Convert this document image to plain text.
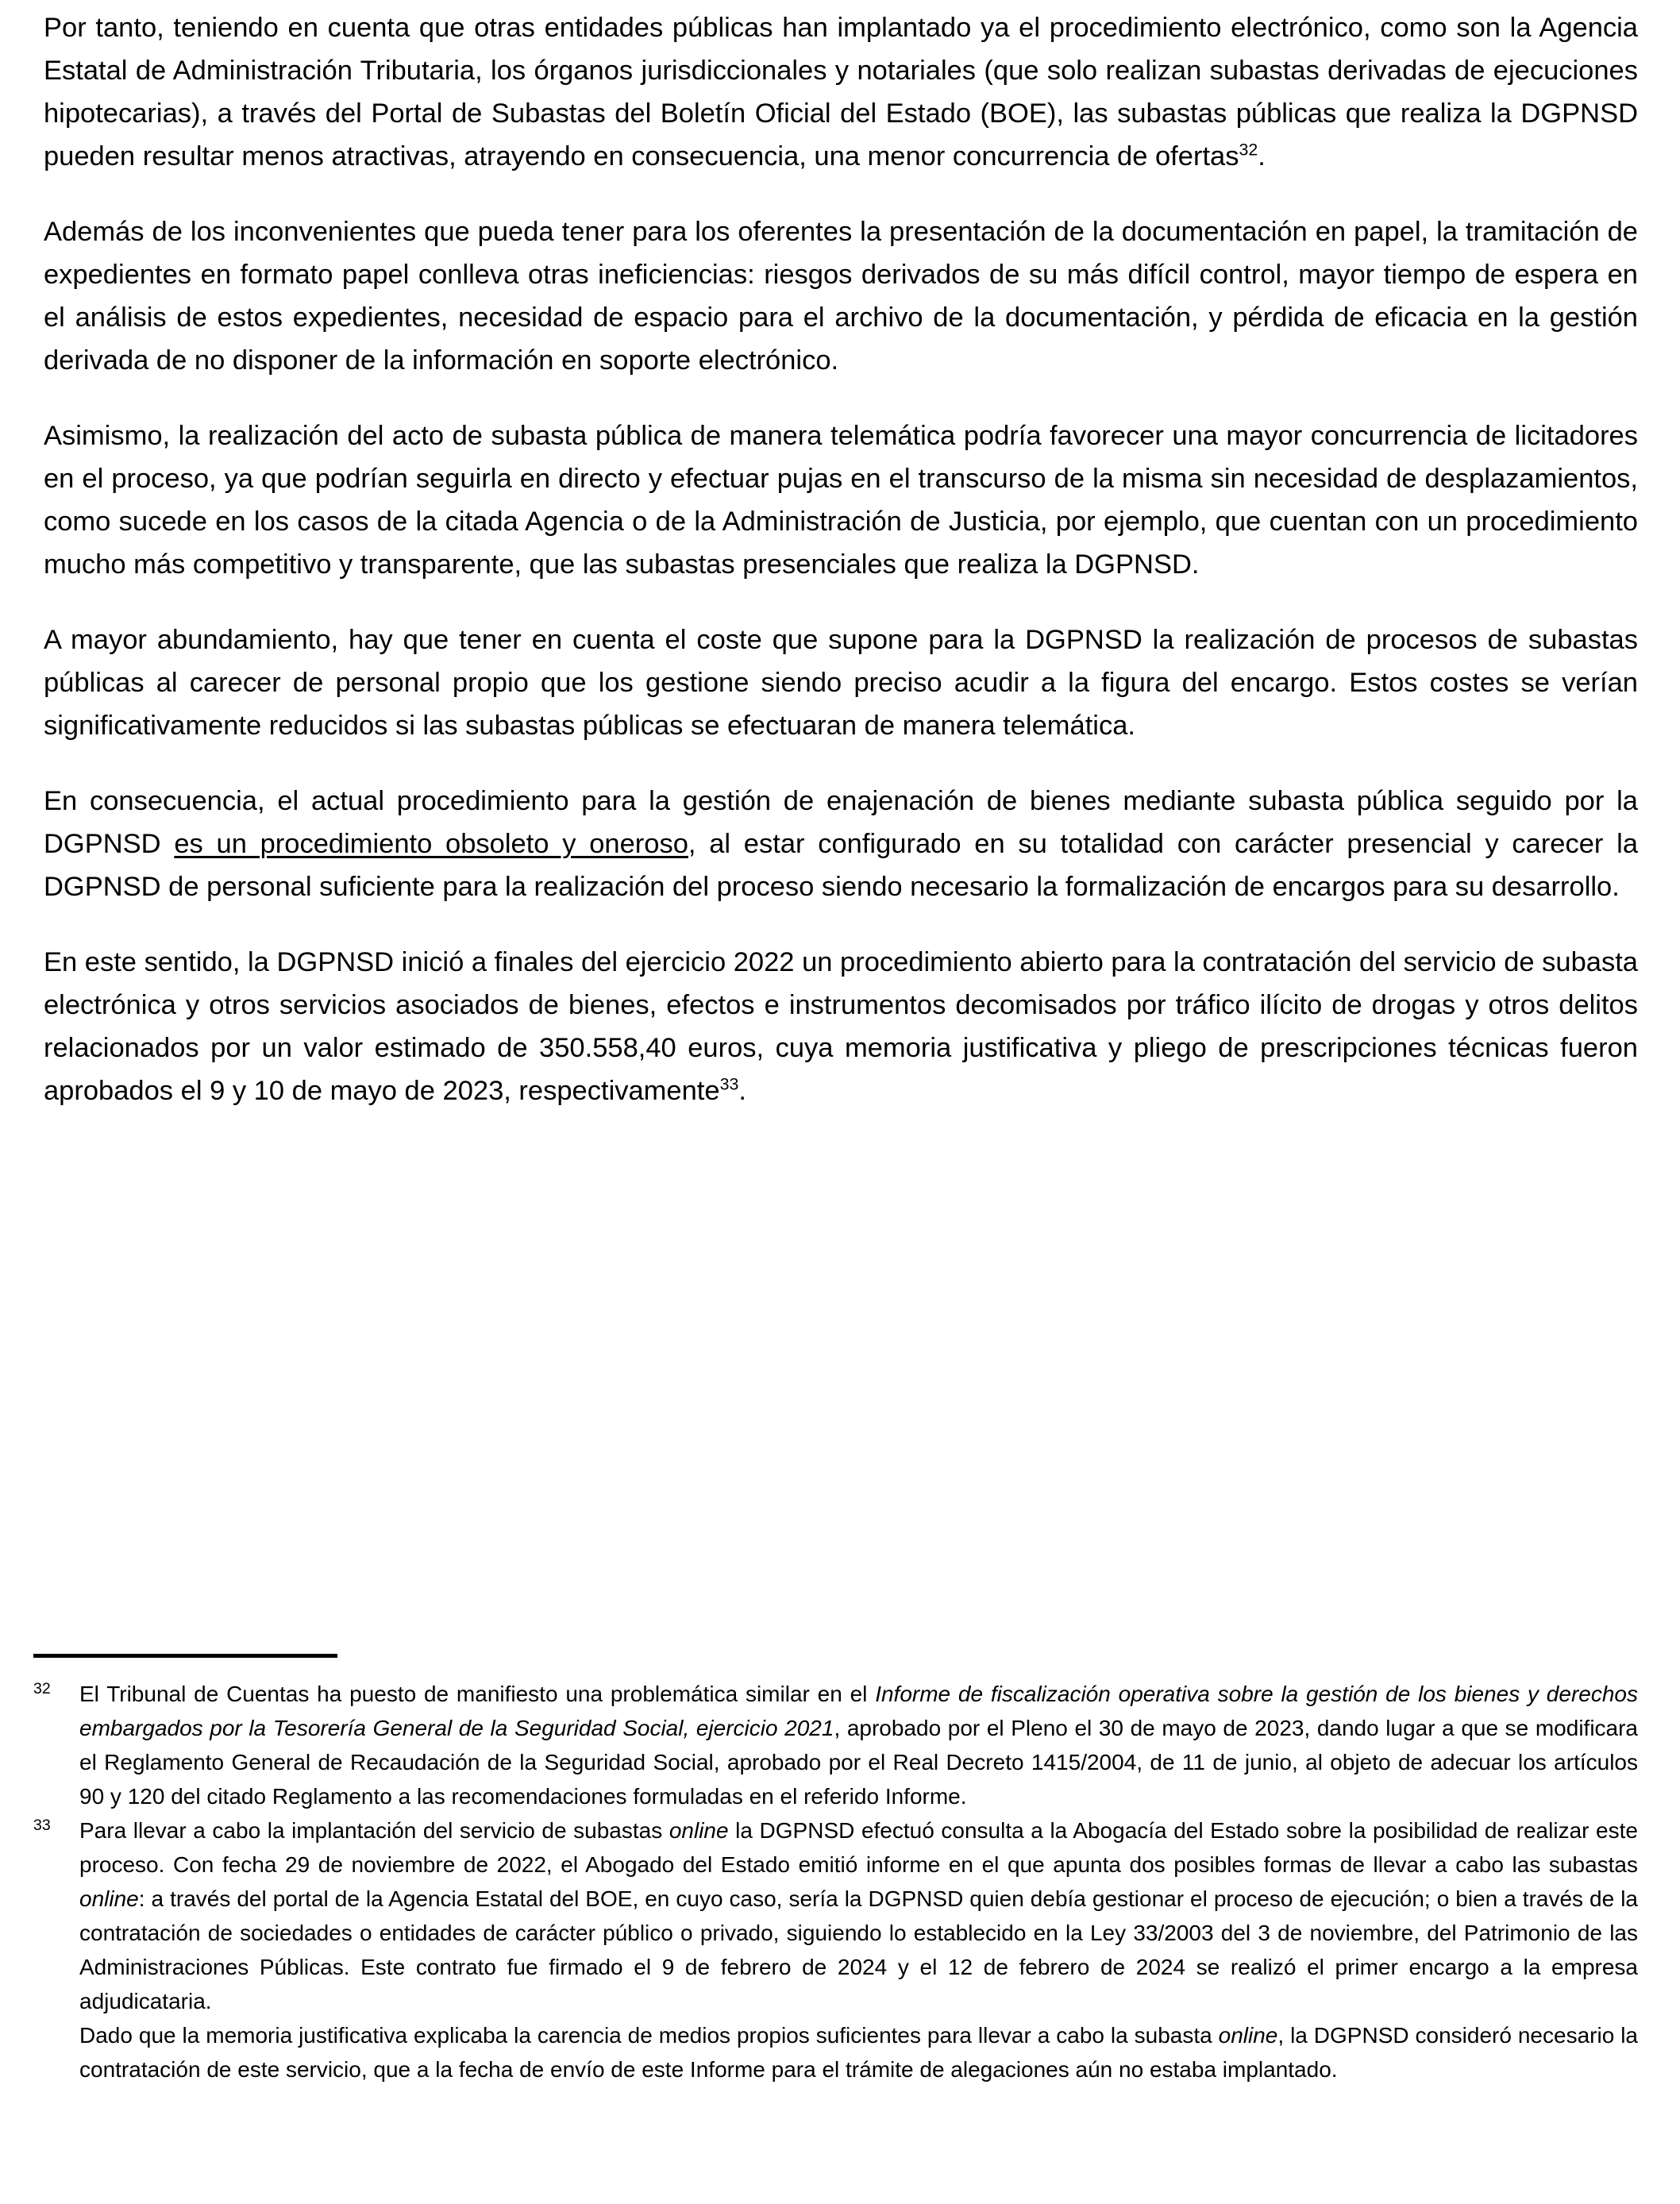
Por tanto, teniendo en cuenta que otras entidades públicas han implantado ya el procedimiento electrónico, como son la Agencia Estatal de Administración Tributaria, los órganos jurisdiccionales y notariales (que solo realizan subastas derivadas de ejecuciones hipotecarias), a través del Portal de Subastas del Boletín Oficial del Estado (BOE), las subastas públicas que realiza la DGPNSD pueden resultar menos atractivas, atrayendo en consecuencia, una menor concurrencia de ofertas$^{32}$.

Además de los inconvenientes que pueda tener para los oferentes la presentación de la documentación en papel, la tramitación de expedientes en formato papel conlleva otras ineficiencias: riesgos derivados de su más difícil control, mayor tiempo de espera en el análisis de estos expedientes, necesidad de espacio para el archivo de la documentación, y pérdida de eficacia en la gestión derivada de no disponer de la información en soporte electrónico.

Asimismo, la realización del acto de subasta pública de manera telemática podría favorecer una mayor concurrencia de licitadores en el proceso, ya que podrían seguirla en directo y efectuar pujas en el transcurso de la misma sin necesidad de desplazamientos, como sucede en los casos de la citada Agencia o de la Administración de Justicia, por ejemplo, que cuentan con un procedimiento mucho más competitivo y transparente, que las subastas presenciales que realiza la DGPNSD.

A mayor abundamiento, hay que tener en cuenta el coste que supone para la DGPNSD la realización de procesos de subastas públicas al carecer de personal propio que los gestione siendo preciso acudir a la figura del encargo. Estos costes se verían significativamente reducidos si las subastas públicas se efectuaran de manera telemática.

En consecuencia, el actual procedimiento para la gestión de enajenación de bienes mediante subasta pública seguido por la DGPNSD es un procedimiento obsoleto y oneroso, al estar configurado en su totalidad con carácter presencial y carecer la DGPNSD de personal suficiente para la realización del proceso siendo necesario la formalización de encargos para su desarrollo.

En este sentido, la DGPNSD inició a finales del ejercicio 2022 un procedimiento abierto para la contratación del servicio de subasta electrónica y otros servicios asociados de bienes, efectos e instrumentos decomisados por tráfico ilícito de drogas y otros delitos relacionados por un valor estimado de 350.558,40 euros, cuya memoria justificativa y pliego de prescripciones técnicas fueron aprobados el 9 y 10 de mayo de 2023, respectivamente$^{33}$.

32	El Tribunal de Cuentas ha puesto de manifiesto una problemática similar en el Informe de fiscalización operativa sobre la gestión de los bienes y derechos embargados por la Tesorería General de la Seguridad Social, ejercicio 2021, aprobado por el Pleno el 30 de mayo de 2023, dando lugar a que se modificara el Reglamento General de Recaudación de la Seguridad Social, aprobado por el Real Decreto 1415/2004, de 11 de junio, al objeto de adecuar los artículos 90 y 120 del citado Reglamento a las recomendaciones formuladas en el referido Informe.
33	Para llevar a cabo la implantación del servicio de subastas online la DGPNSD efectuó consulta a la Abogacía del Estado sobre la posibilidad de realizar este proceso. Con fecha 29 de noviembre de 2022, el Abogado del Estado emitió informe en el que apunta dos posibles formas de llevar a cabo las subastas online: a través del portal de la Agencia Estatal del BOE, en cuyo caso, sería la DGPNSD quien debía gestionar el proceso de ejecución; o bien a través de la contratación de sociedades o entidades de carácter público o privado, siguiendo lo establecido en la Ley 33/2003 del 3 de noviembre, del Patrimonio de las Administraciones Públicas. Este contrato fue firmado el 9 de febrero de 2024 y el 12 de febrero de 2024 se realizó el primer encargo a la empresa adjudicataria.

Dado que la memoria justificativa explicaba la carencia de medios propios suficientes para llevar a cabo la subasta online, la DGPNSD consideró necesario la contratación de este servicio, que a la fecha de envío de este Informe para el trámite de alegaciones aún no estaba implantado.
